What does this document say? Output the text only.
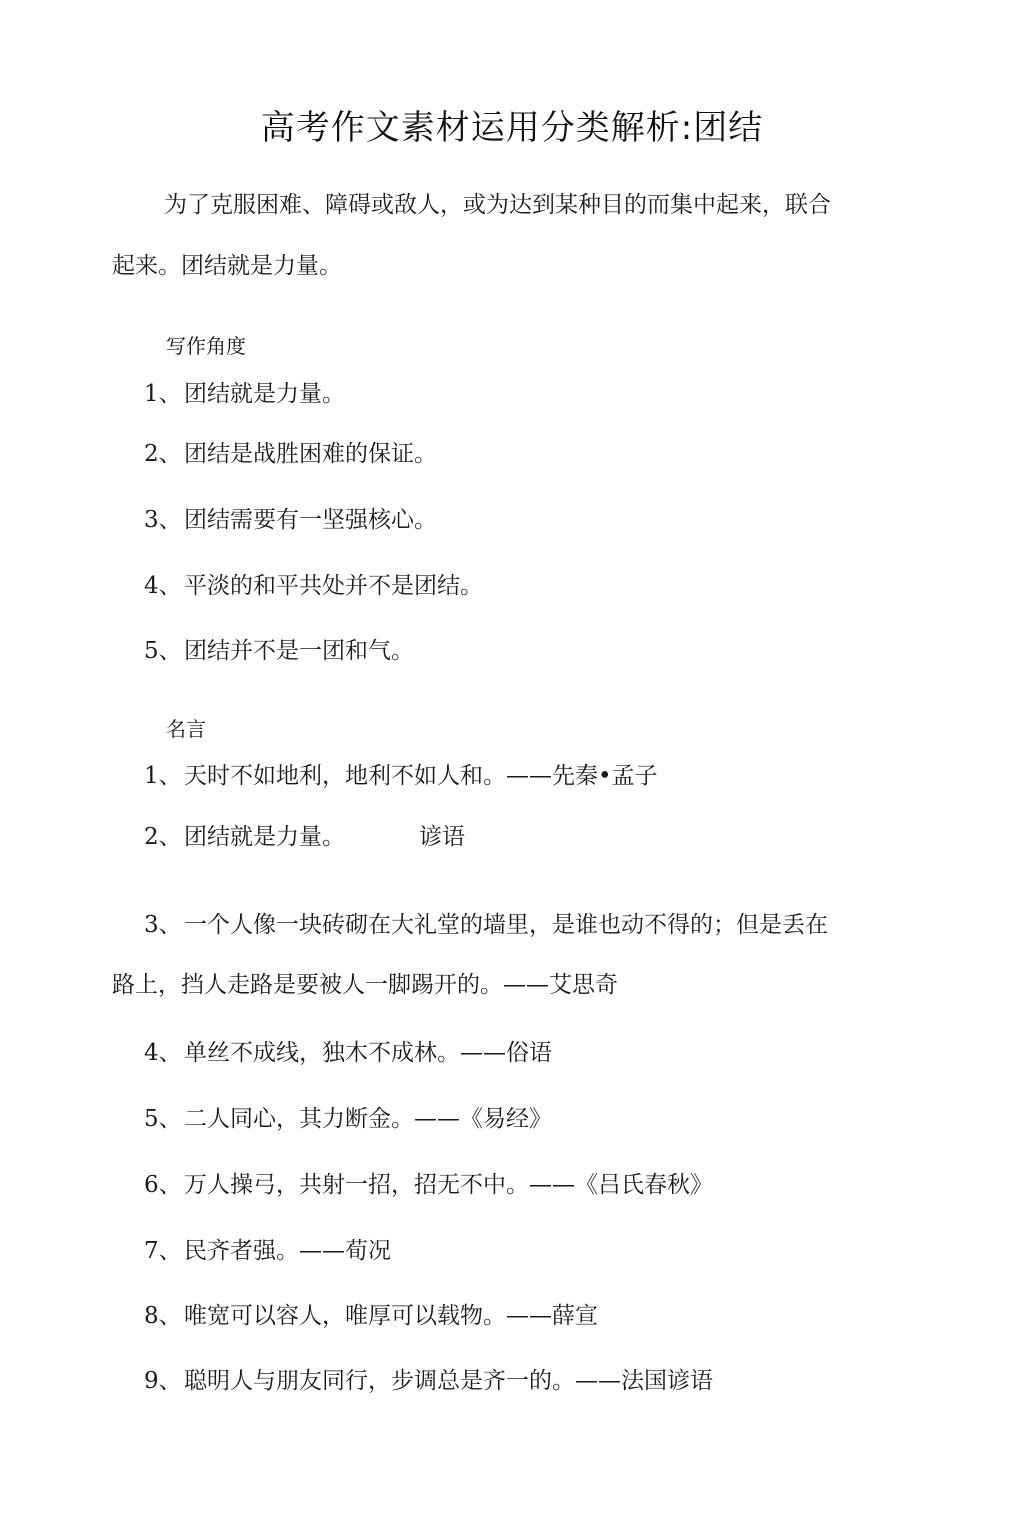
高考作文素材运用分类解析:团结
为了克服困难、障碍或敌人，或为达到某种目的而集中起来，联合
起来。团结就是力量。
写作角度
1、 团结就是力量。
2、 团结是战胜困难的保证。
3、 团结需要有一坚强核心。
4、 平淡的和平共处并不是团结。
5、 团结并不是一团和气。
名言
1、 天时不如地利，地利不如人和。——先秦•孟子
2、 团结就是力量。	谚语
3、 一个人像一块砖砌在大礼堂的墙里，是谁也动不得的；但是丢在
路上，挡人走路是要被人一脚踢开的。——艾思奇
4、 单丝不成线，独木不成林。——俗语
5、 二人同心，其力断金。——《易经》
6、 万人操弓，共射一招，招无不中。——《吕氏春秋》
7、 民齐者强。——荀况
8、 唯宽可以容人，唯厚可以载物。——薛宣
9、 聪明人与朋友同行，步调总是齐一的。——法国谚语
